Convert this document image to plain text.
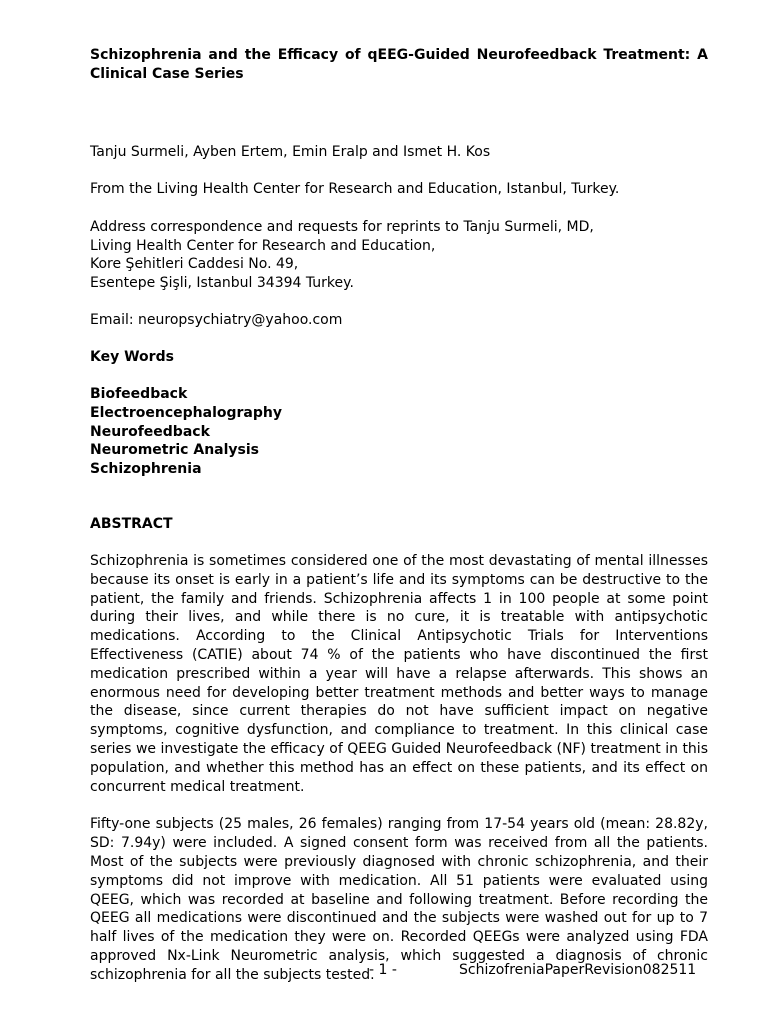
Schizophrenia and the Efficacy of qEEG-Guided Neurofeedback Treatment: A Clinical Case Series

Tanju Surmeli, Ayben Ertem, Emin Eralp and Ismet H. Kos

From the Living Health Center for Research and Education, Istanbul, Turkey.

Address correspondence and requests for reprints to Tanju Surmeli, MD,
Living Health Center for Research and Education,
Kore Şehitleri Caddesi No. 49,
Esentepe Şişli, Istanbul 34394 Turkey.

Email: neuropsychiatry@yahoo.com

Key Words
Biofeedback
Electroencephalography
Neurofeedback
Neurometric Analysis
Schizophrenia
ABSTRACT

Schizophrenia is sometimes considered one of the most devastating of mental illnesses because its onset is early in a patient’s life and its symptoms can be destructive to the patient, the family and friends. Schizophrenia affects 1 in 100 people at some point during their lives, and while there is no cure, it is treatable with antipsychotic medications. According to the Clinical Antipsychotic Trials for Interventions Effectiveness (CATIE) about 74 % of the patients who have discontinued the first medication prescribed within a year will have a relapse afterwards. This shows an enormous need for developing better treatment methods and better ways to manage the disease, since current therapies do not have sufficient impact on negative symptoms, cognitive dysfunction, and compliance to treatment. In this clinical case series we investigate the efficacy of QEEG Guided Neurofeedback (NF) treatment in this population, and whether this method has an effect on these patients, and its effect on concurrent medical treatment.

Fifty-one subjects (25 males, 26 females) ranging from 17-54 years old (mean: 28.82y, SD: 7.94y) were included. A signed consent form was received from all the patients. Most of the subjects were previously diagnosed with chronic schizophrenia, and their symptoms did not improve with medication. All 51 patients were evaluated using QEEG, which was recorded at baseline and following treatment. Before recording the QEEG all medications were discontinued and the subjects were washed out for up to 7 half lives of the medication they were on. Recorded QEEGs were analyzed using FDA approved Nx-Link Neurometric analysis, which suggested a diagnosis of chronic schizophrenia for all the subjects tested.

- 1 -	SchizofreniaPaperRevision082511
